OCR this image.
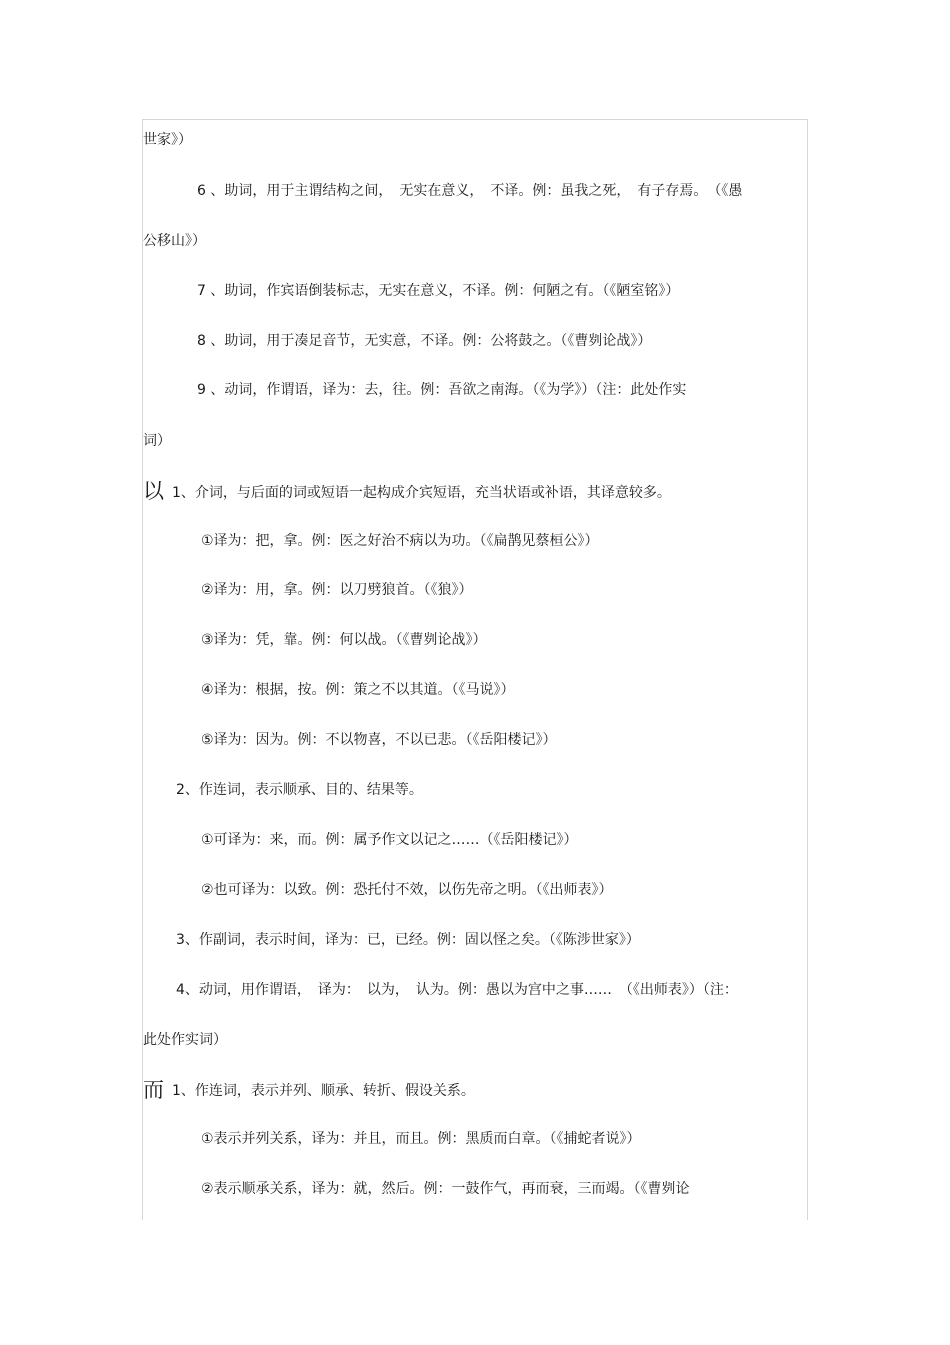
世家》）
6 、助词，用于主谓结构之间，　无实在意义，　不译。例：虽我之死，　有子存焉。　（《愚
公移山》）
7 、助词，作宾语倒装标志，无实在意义，不译。例：何陋之有。（《陋室铭》）
8 、助词，用于凑足音节，无实意，不译。例：公将鼓之。（《曹刿论战》）
9 、动词，作谓语，译为：去，往。例：吾欲之南海。（《为学》）（注：此处作实
词）
以 1、介词，与后面的词或短语一起构成介宾短语，充当状语或补语，其译意较多。
①译为：把，拿。例：医之好治不病以为功。（《扁鹊见蔡桓公》）
②译为：用，拿。例：以刀劈狼首。（《狼》）
③译为：凭，靠。例：何以战。（《曹刿论战》）
④译为：根据，按。例：策之不以其道。（《马说》）
⑤译为：因为。例：不以物喜，不以已悲。（《岳阳楼记》）
2、作连词，表示顺承、目的、结果等。
①可译为：来，而。例：属予作文以记之……（《岳阳楼记》）
②也可译为：以致。例：恐托付不效，以伤先帝之明。（《出师表》）
3、作副词，表示时间，译为：已，已经。例：固以怪之矣。（《陈涉世家》）
4、动词，用作谓语，　译为：　以为，　认为。例：愚以为宫中之事……　（《出师表》）（注：
此处作实词）
而 1、作连词，表示并列、顺承、转折、假设关系。
①表示并列关系，译为：并且，而且。例：黑质而白章。（《捕蛇者说》）
②表示顺承关系，译为：就，然后。例：一鼓作气，再而衰，三而竭。（《曹刿论
